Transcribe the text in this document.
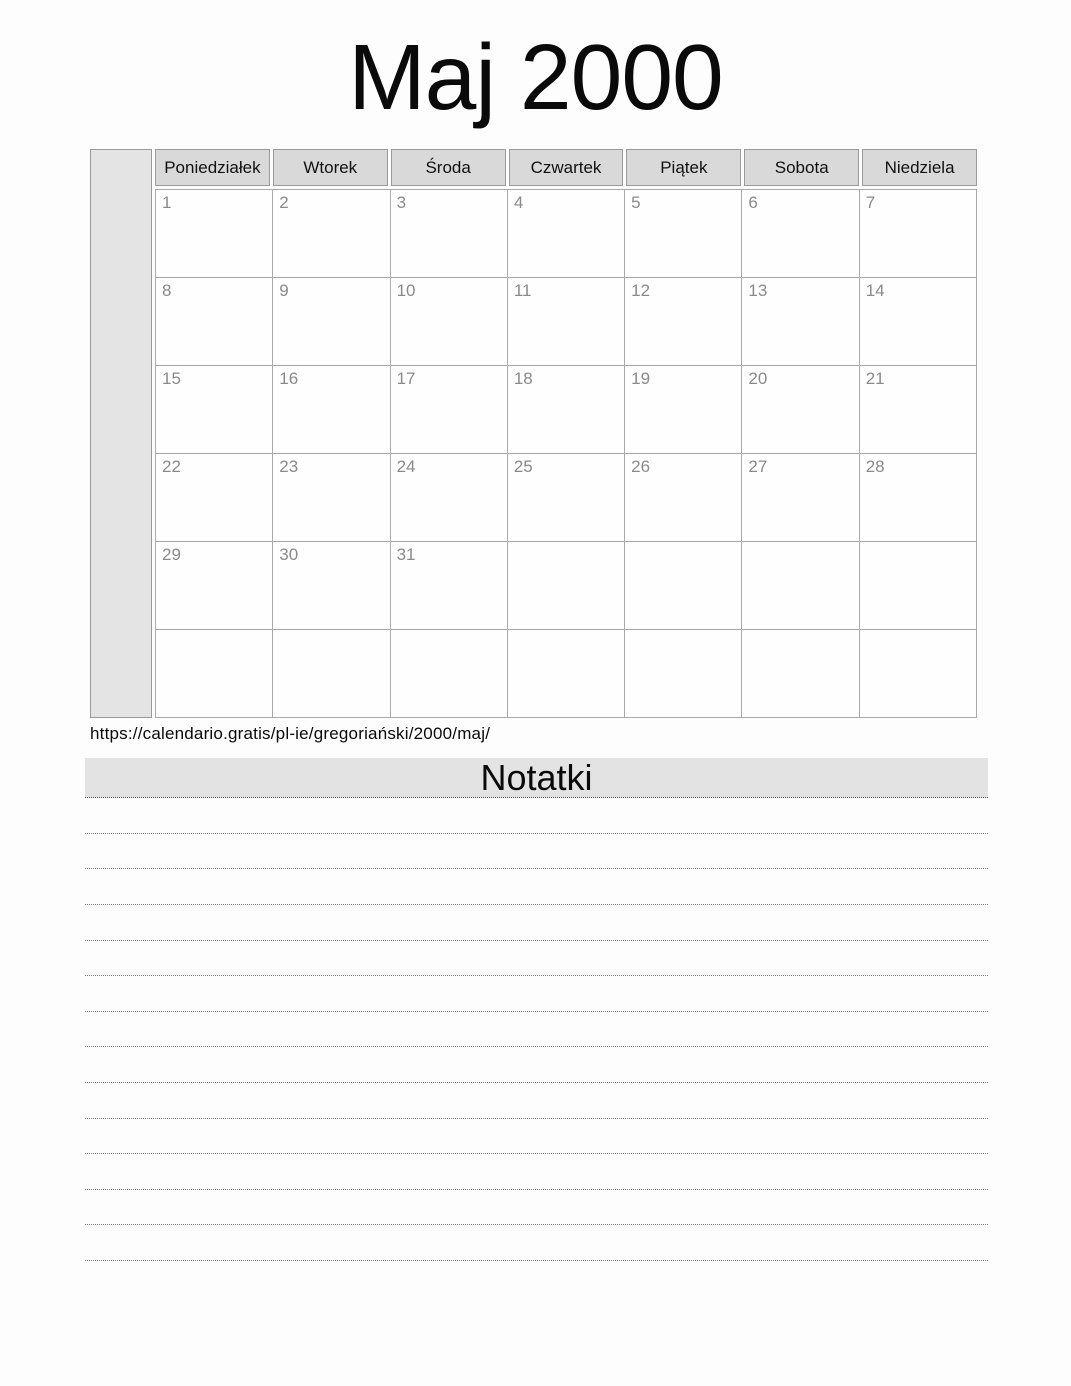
Maj 2000
Poniedziałek	Wtorek	Środa	Czwartek	Piątek	Sobota	Niedziela
1	2	3	4	5	6	7
8	9	10	11	12	13	14
15	16	17	18	19	20	21
22	23	24	25	26	27	28
29	30	31				

https://calendario.gratis/pl-ie/gregoriański/2000/maj/
Notatki
